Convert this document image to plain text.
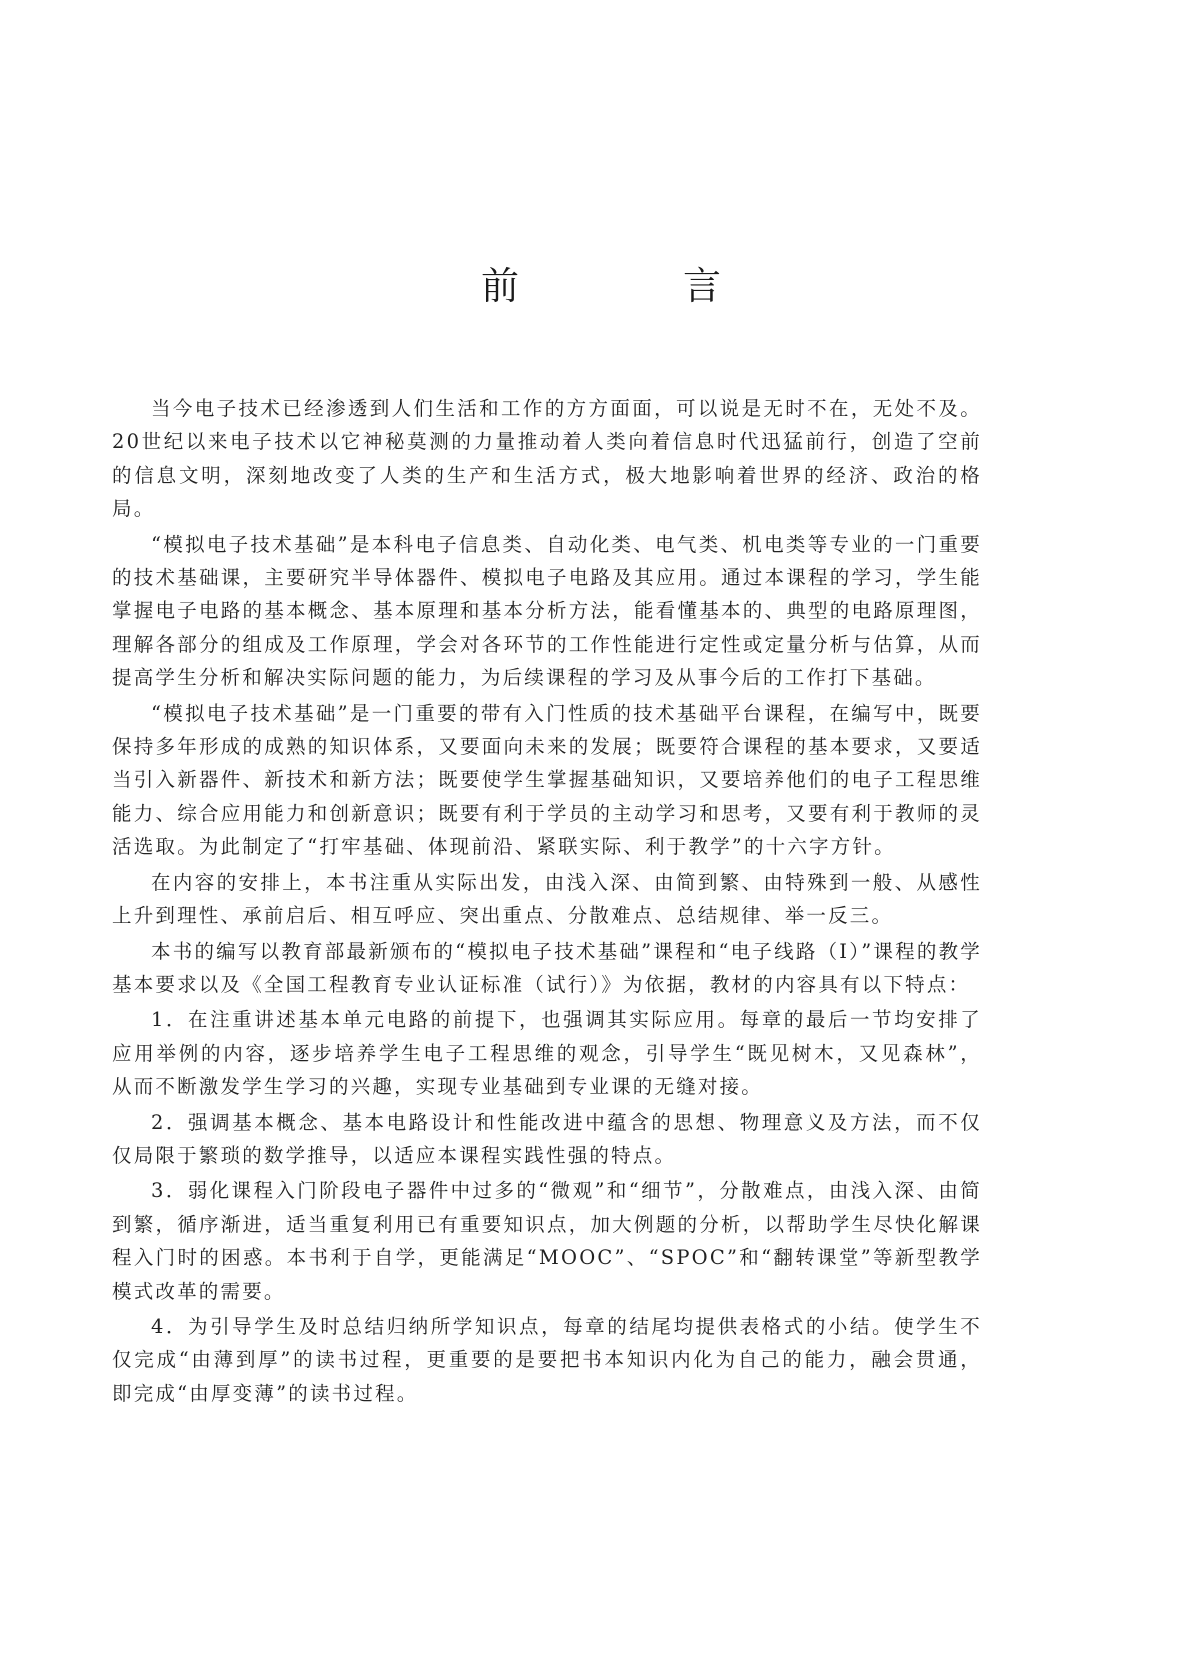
前 言

当今电子技术已经渗透到人们生活和工作的方方面面，可以说是无时不在，无处不及。20世纪以来电子技术以它神秘莫测的力量推动着人类向着信息时代迅猛前行，创造了空前的信息文明，深刻地改变了人类的生产和生活方式，极大地影响着世界的经济、政治的格局。

“模拟电子技术基础”是本科电子信息类、自动化类、电气类、机电类等专业的一门重要的技术基础课，主要研究半导体器件、模拟电子电路及其应用。通过本课程的学习，学生能掌握电子电路的基本概念、基本原理和基本分析方法，能看懂基本的、典型的电路原理图，理解各部分的组成及工作原理，学会对各环节的工作性能进行定性或定量分析与估算，从而提高学生分析和解决实际问题的能力，为后续课程的学习及从事今后的工作打下基础。

“模拟电子技术基础”是一门重要的带有入门性质的技术基础平台课程，在编写中，既要保持多年形成的成熟的知识体系，又要面向未来的发展；既要符合课程的基本要求，又要适当引入新器件、新技术和新方法；既要使学生掌握基础知识，又要培养他们的电子工程思维能力、综合应用能力和创新意识；既要有利于学员的主动学习和思考，又要有利于教师的灵活选取。为此制定了“打牢基础、体现前沿、紧联实际、利于教学”的十六字方针。

在内容的安排上，本书注重从实际出发，由浅入深、由简到繁、由特殊到一般、从感性上升到理性、承前启后、相互呼应、突出重点、分散难点、总结规律、举一反三。

本书的编写以教育部最新颁布的“模拟电子技术基础”课程和“电子线路（Ⅰ）”课程的教学基本要求以及《全国工程教育专业认证标准（试行）》为依据，教材的内容具有以下特点：

1．在注重讲述基本单元电路的前提下，也强调其实际应用。每章的最后一节均安排了应用举例的内容，逐步培养学生电子工程思维的观念，引导学生“既见树木，又见森林”，从而不断激发学生学习的兴趣，实现专业基础到专业课的无缝对接。

2．强调基本概念、基本电路设计和性能改进中蕴含的思想、物理意义及方法，而不仅仅局限于繁琐的数学推导，以适应本课程实践性强的特点。

3．弱化课程入门阶段电子器件中过多的“微观”和“细节”，分散难点，由浅入深、由简到繁，循序渐进，适当重复利用已有重要知识点，加大例题的分析，以帮助学生尽快化解课程入门时的困惑。本书利于自学，更能满足“MOOC”、“SPOC”和“翻转课堂”等新型教学模式改革的需要。

4．为引导学生及时总结归纳所学知识点，每章的结尾均提供表格式的小结。使学生不仅完成“由薄到厚”的读书过程，更重要的是要把书本知识内化为自己的能力，融会贯通，即完成“由厚变薄”的读书过程。
